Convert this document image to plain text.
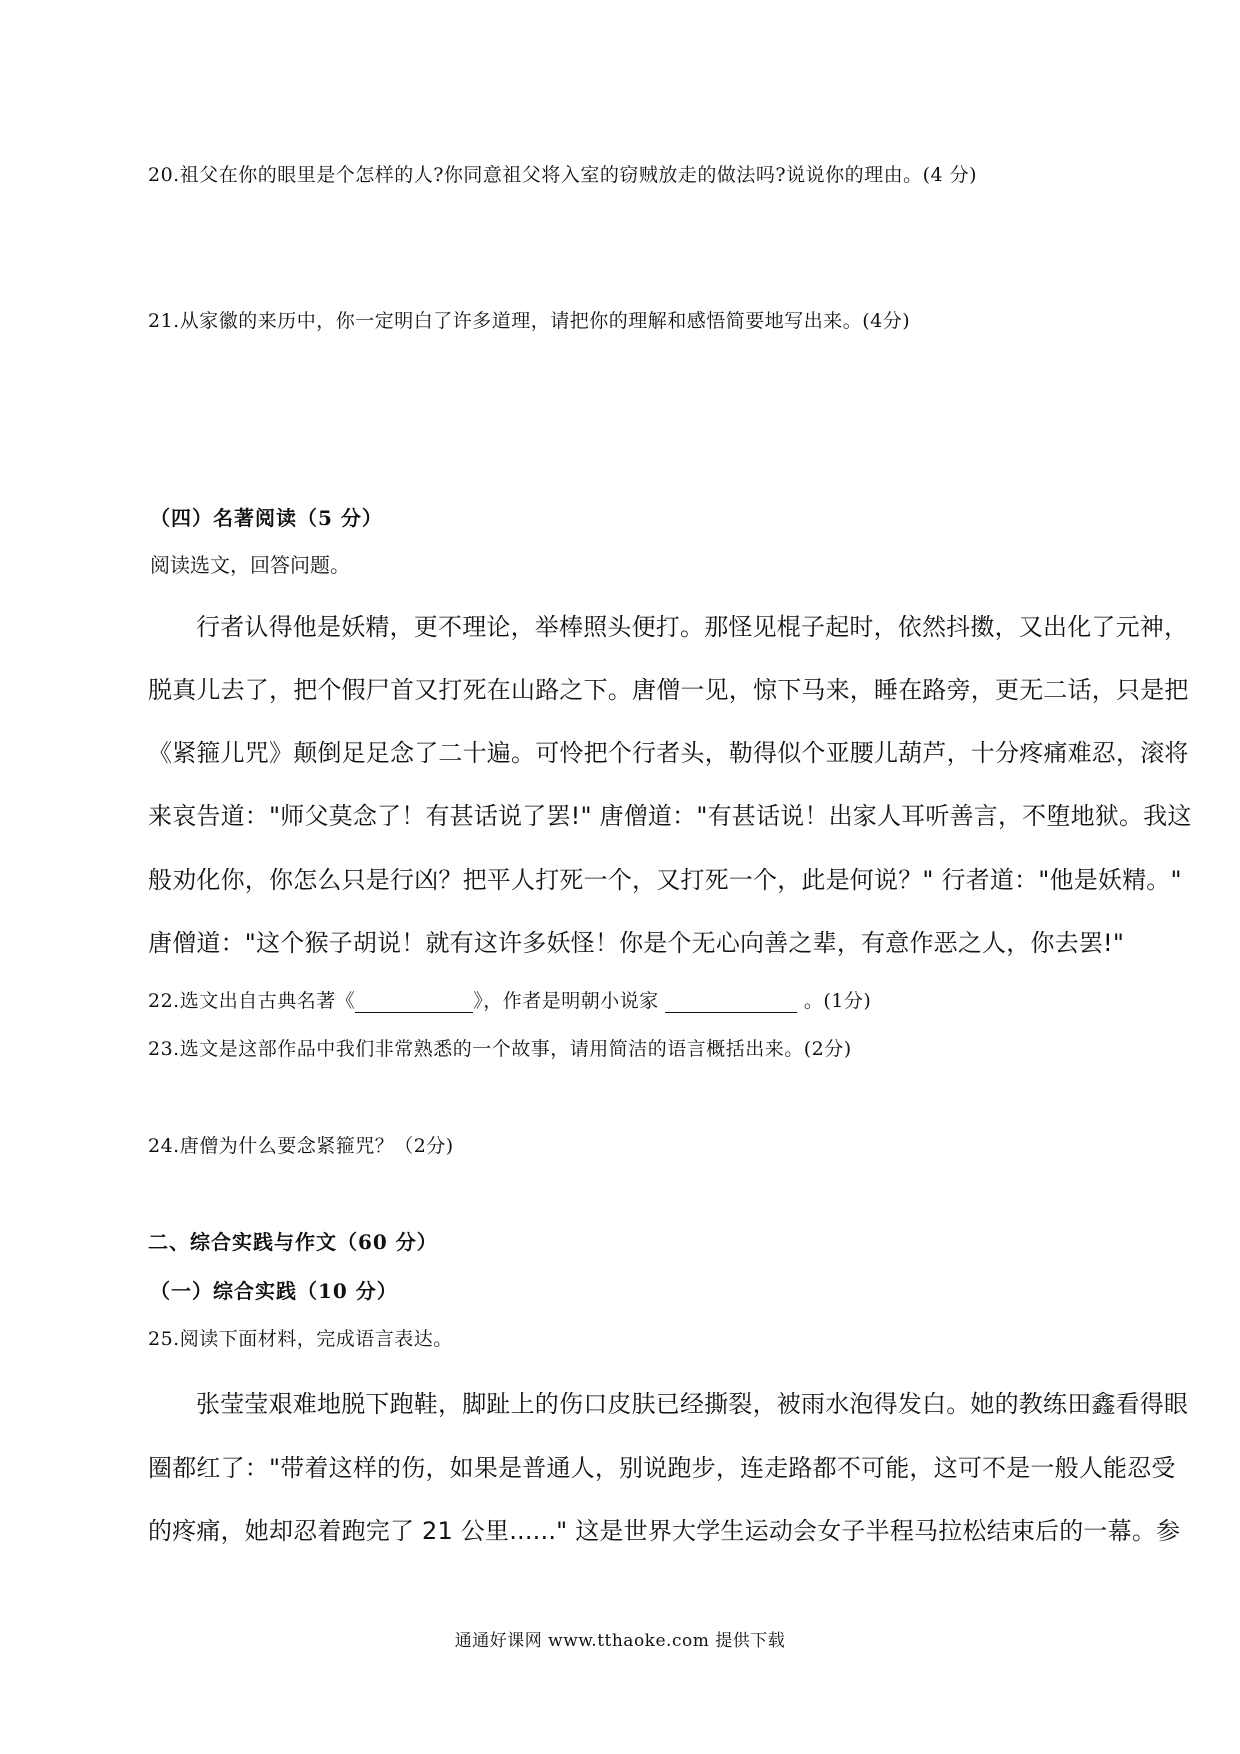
20.祖父在你的眼里是个怎样的人?你同意祖父将入室的窃贼放走的做法吗?说说你的理由。(4 分)
21.从家徽的来历中，你一定明白了许多道理，请把你的理解和感悟简要地写出来。(4分)
（四）名著阅读（5 分）
阅读选文，回答问题。
行者认得他是妖精，更不理论，举棒照头便打。那怪见棍子起时，依然抖擞，又出化了元神，
脱真儿去了，把个假尸首又打死在山路之下。唐僧一见，惊下马来，睡在路旁，更无二话，只是把
《紧箍儿咒》颠倒足足念了二十遍。可怜把个行者头，勒得似个亚腰儿葫芦，十分疼痛难忍，滚将
来哀告道："师父莫念了！有甚话说了罢!" 唐僧道："有甚话说！出家人耳听善言，不堕地狱。我这
般劝化你，你怎么只是行凶？把平人打死一个，又打死一个，此是何说？" 行者道："他是妖精。"
唐僧道："这个猴子胡说！就有这许多妖怪！你是个无心向善之辈，有意作恶之人，你去罢!"
22.选文出自古典名著《	》，作者是明朝小说家	。(1分)
23.选文是这部作品中我们非常熟悉的一个故事，请用简洁的语言概括出来。(2分)
24.唐僧为什么要念紧箍咒？（2分)
二、综合实践与作文（60 分）
（一）综合实践（10 分）
25.阅读下面材料，完成语言表达。
张莹莹艰难地脱下跑鞋，脚趾上的伤口皮肤已经撕裂，被雨水泡得发白。她的教练田鑫看得眼
圈都红了："带着这样的伤，如果是普通人，别说跑步，连走路都不可能，这可不是一般人能忍受
的疼痛，她却忍着跑完了 21 公里......" 这是世界大学生运动会女子半程马拉松结束后的一幕。参
通通好课网 www.tthaoke.com 提供下载
